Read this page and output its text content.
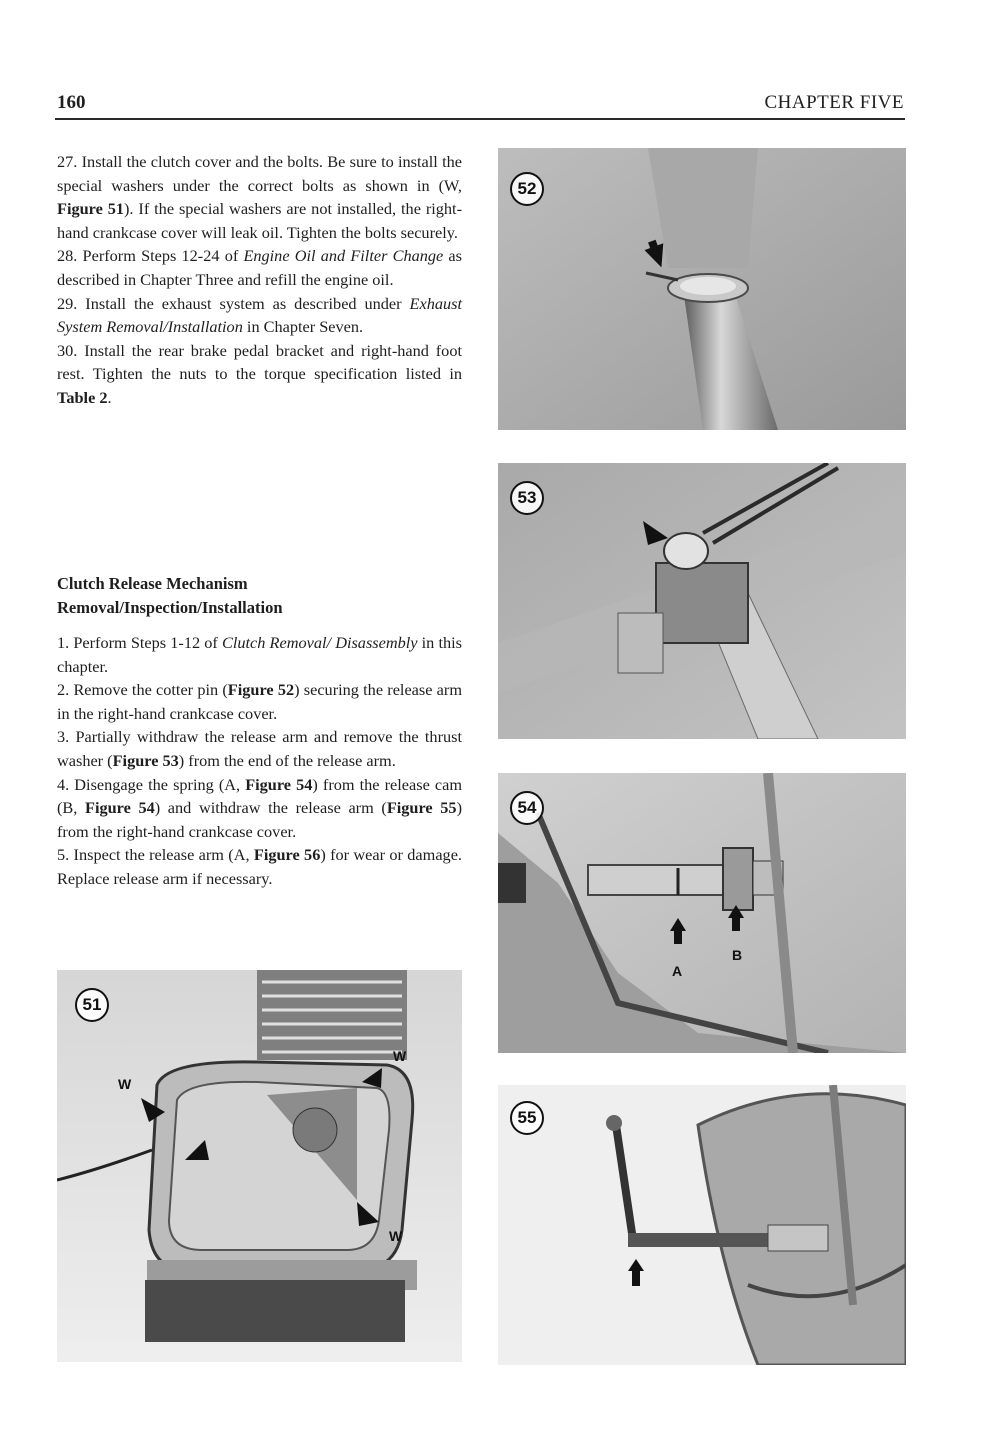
160	CHAPTER FIVE

27. Install the clutch cover and the bolts. Be sure to install the special washers under the correct bolts as shown in (W, Figure 51). If the special washers are not installed, the right-hand crankcase cover will leak oil. Tighten the bolts securely.

28. Perform Steps 12-24 of Engine Oil and Filter Change as described in Chapter Three and refill the engine oil.

29. Install the exhaust system as described under Exhaust System Removal/Installation in Chapter Seven.

30. Install the rear brake pedal bracket and right-hand foot rest. Tighten the nuts to the torque specification listed in Table 2.

Clutch Release Mechanism
Removal/Inspection/Installation

1. Perform Steps 1-12 of Clutch Removal/ Disassembly in this chapter.

2. Remove the cotter pin (Figure 52) securing the release arm in the right-hand crankcase cover.

3. Partially withdraw the release arm and remove the thrust washer (Figure 53) from the end of the release arm.

4. Disengage the spring (A, Figure 54) from the release cam (B, Figure 54) and withdraw the release arm (Figure 55) from the right-hand crankcase cover.

5. Inspect the release arm (A, Figure 56) for wear or damage. Replace release arm if necessary.

52
53
54
A
B
55
51
W
W
W
